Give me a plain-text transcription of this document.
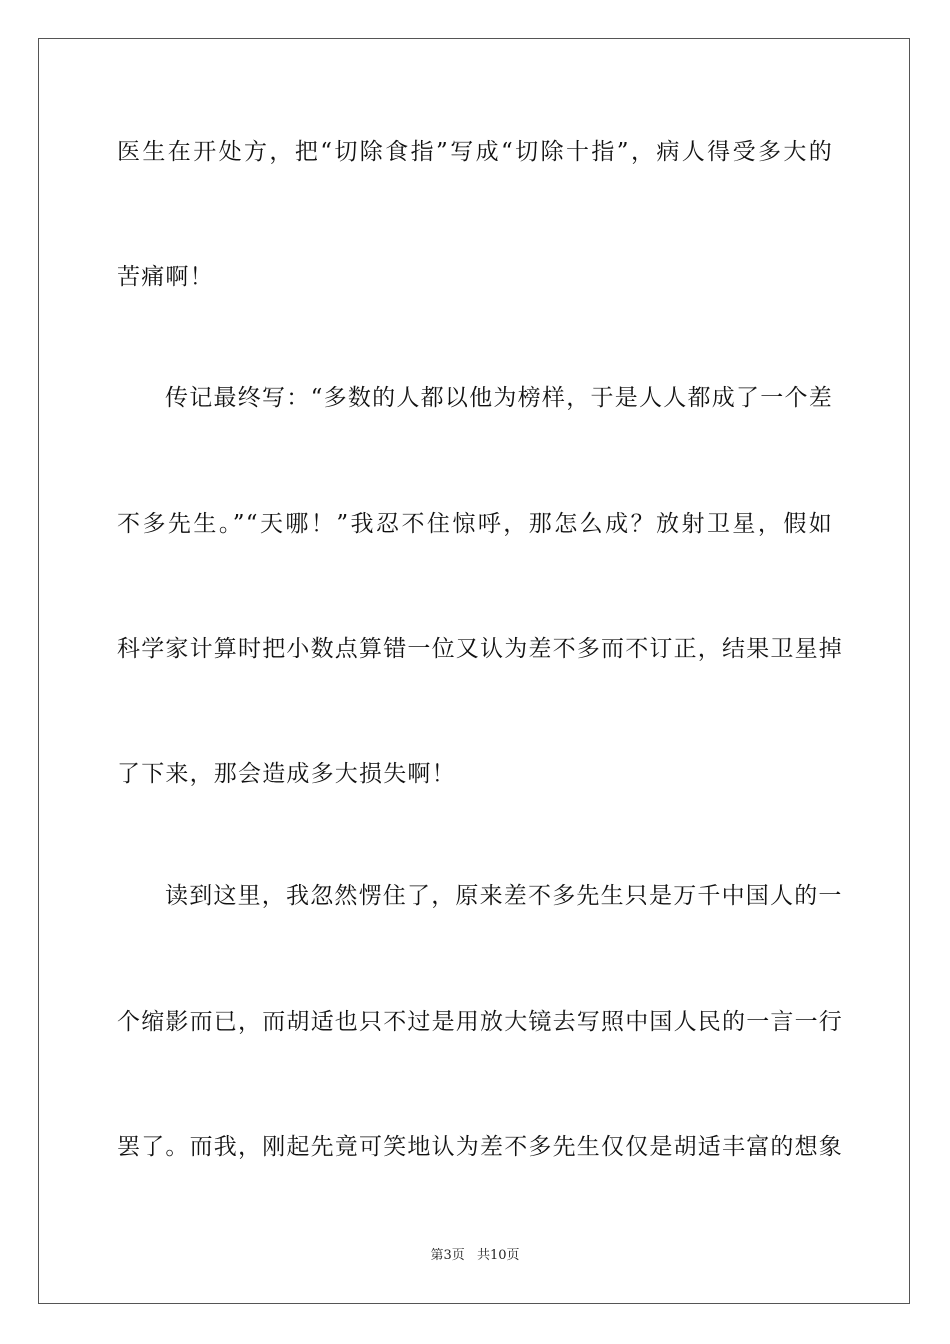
医生在开处方，把“切除食指”写成“切除十指”，病人得受多大的
苦痛啊！
传记最终写：“多数的人都以他为榜样，于是人人都成了一个差
不多先生。”“天哪！”我忍不住惊呼，那怎么成？放射卫星，假如
科学家计算时把小数点算错一位又认为差不多而不订正，结果卫星掉
了下来，那会造成多大损失啊！
读到这里，我忽然愣住了，原来差不多先生只是万千中国人的一
个缩影而已，而胡适也只不过是用放大镜去写照中国人民的一言一行
罢了。而我，刚起先竟可笑地认为差不多先生仅仅是胡适丰富的想象
第3页 共10页
